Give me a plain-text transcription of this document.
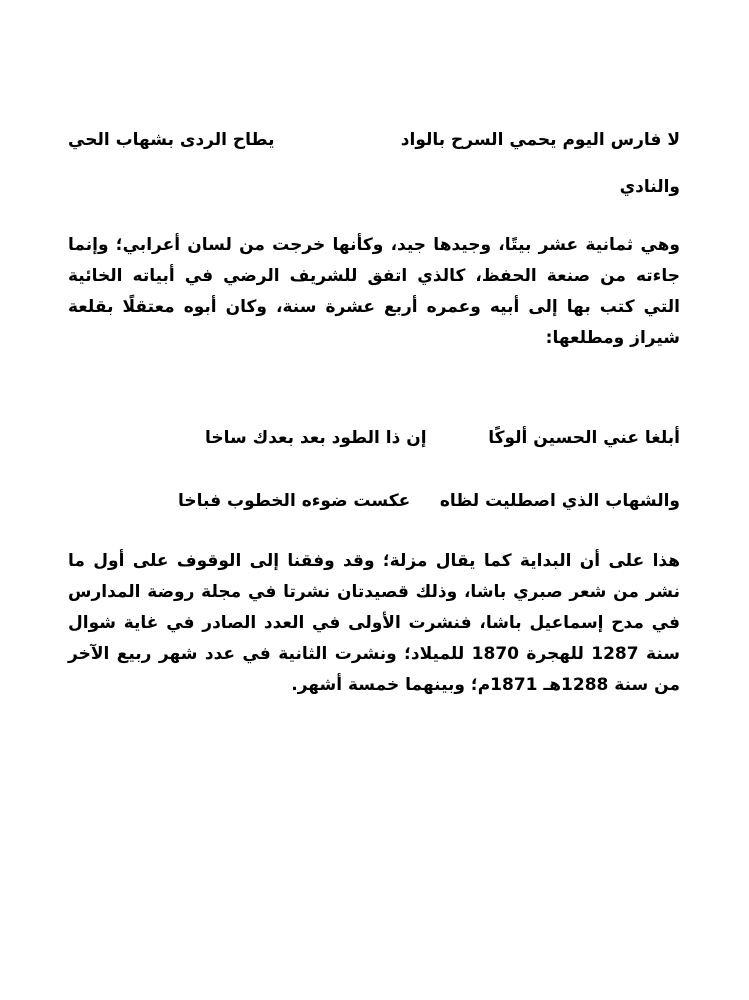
لا فارس اليوم يحمي السرح بالواد
يطاح الردى بشهاب الحي
والنادي

وهي ثمانية عشر بيتًا، وجيدها جيد، وكأنها خرجت من لسان أعرابي؛ وإنما جاءته من صنعة الحفظ، كالذي اتفق للشريف الرضي في أبياته الخائية التي كتب بها إلى أبيه وعمره أربع عشرة سنة، وكان أبوه معتقلًا بقلعة شيراز ومطلعها:

أبلغا عني الحسين ألوكًا
إن ذا الطود بعد بعدك ساخا
والشهاب الذي اصطليت لظاه
عكست ضوءه الخطوب فباخا

هذا على أن البداية كما يقال مزلة؛ وقد وفقنا إلى الوقوف على أول ما نشر من شعر صبري باشا، وذلك قصيدتان نشرتا في مجلة روضة المدارس في مدح إسماعيل باشا، فنشرت الأولى في العدد الصادر في غاية شوال سنة 1287 للهجرة 1870 للميلاد؛ ونشرت الثانية في عدد شهر ربيع الآخر من سنة 1288هـ 1871م؛ وبينهما خمسة أشهر.
